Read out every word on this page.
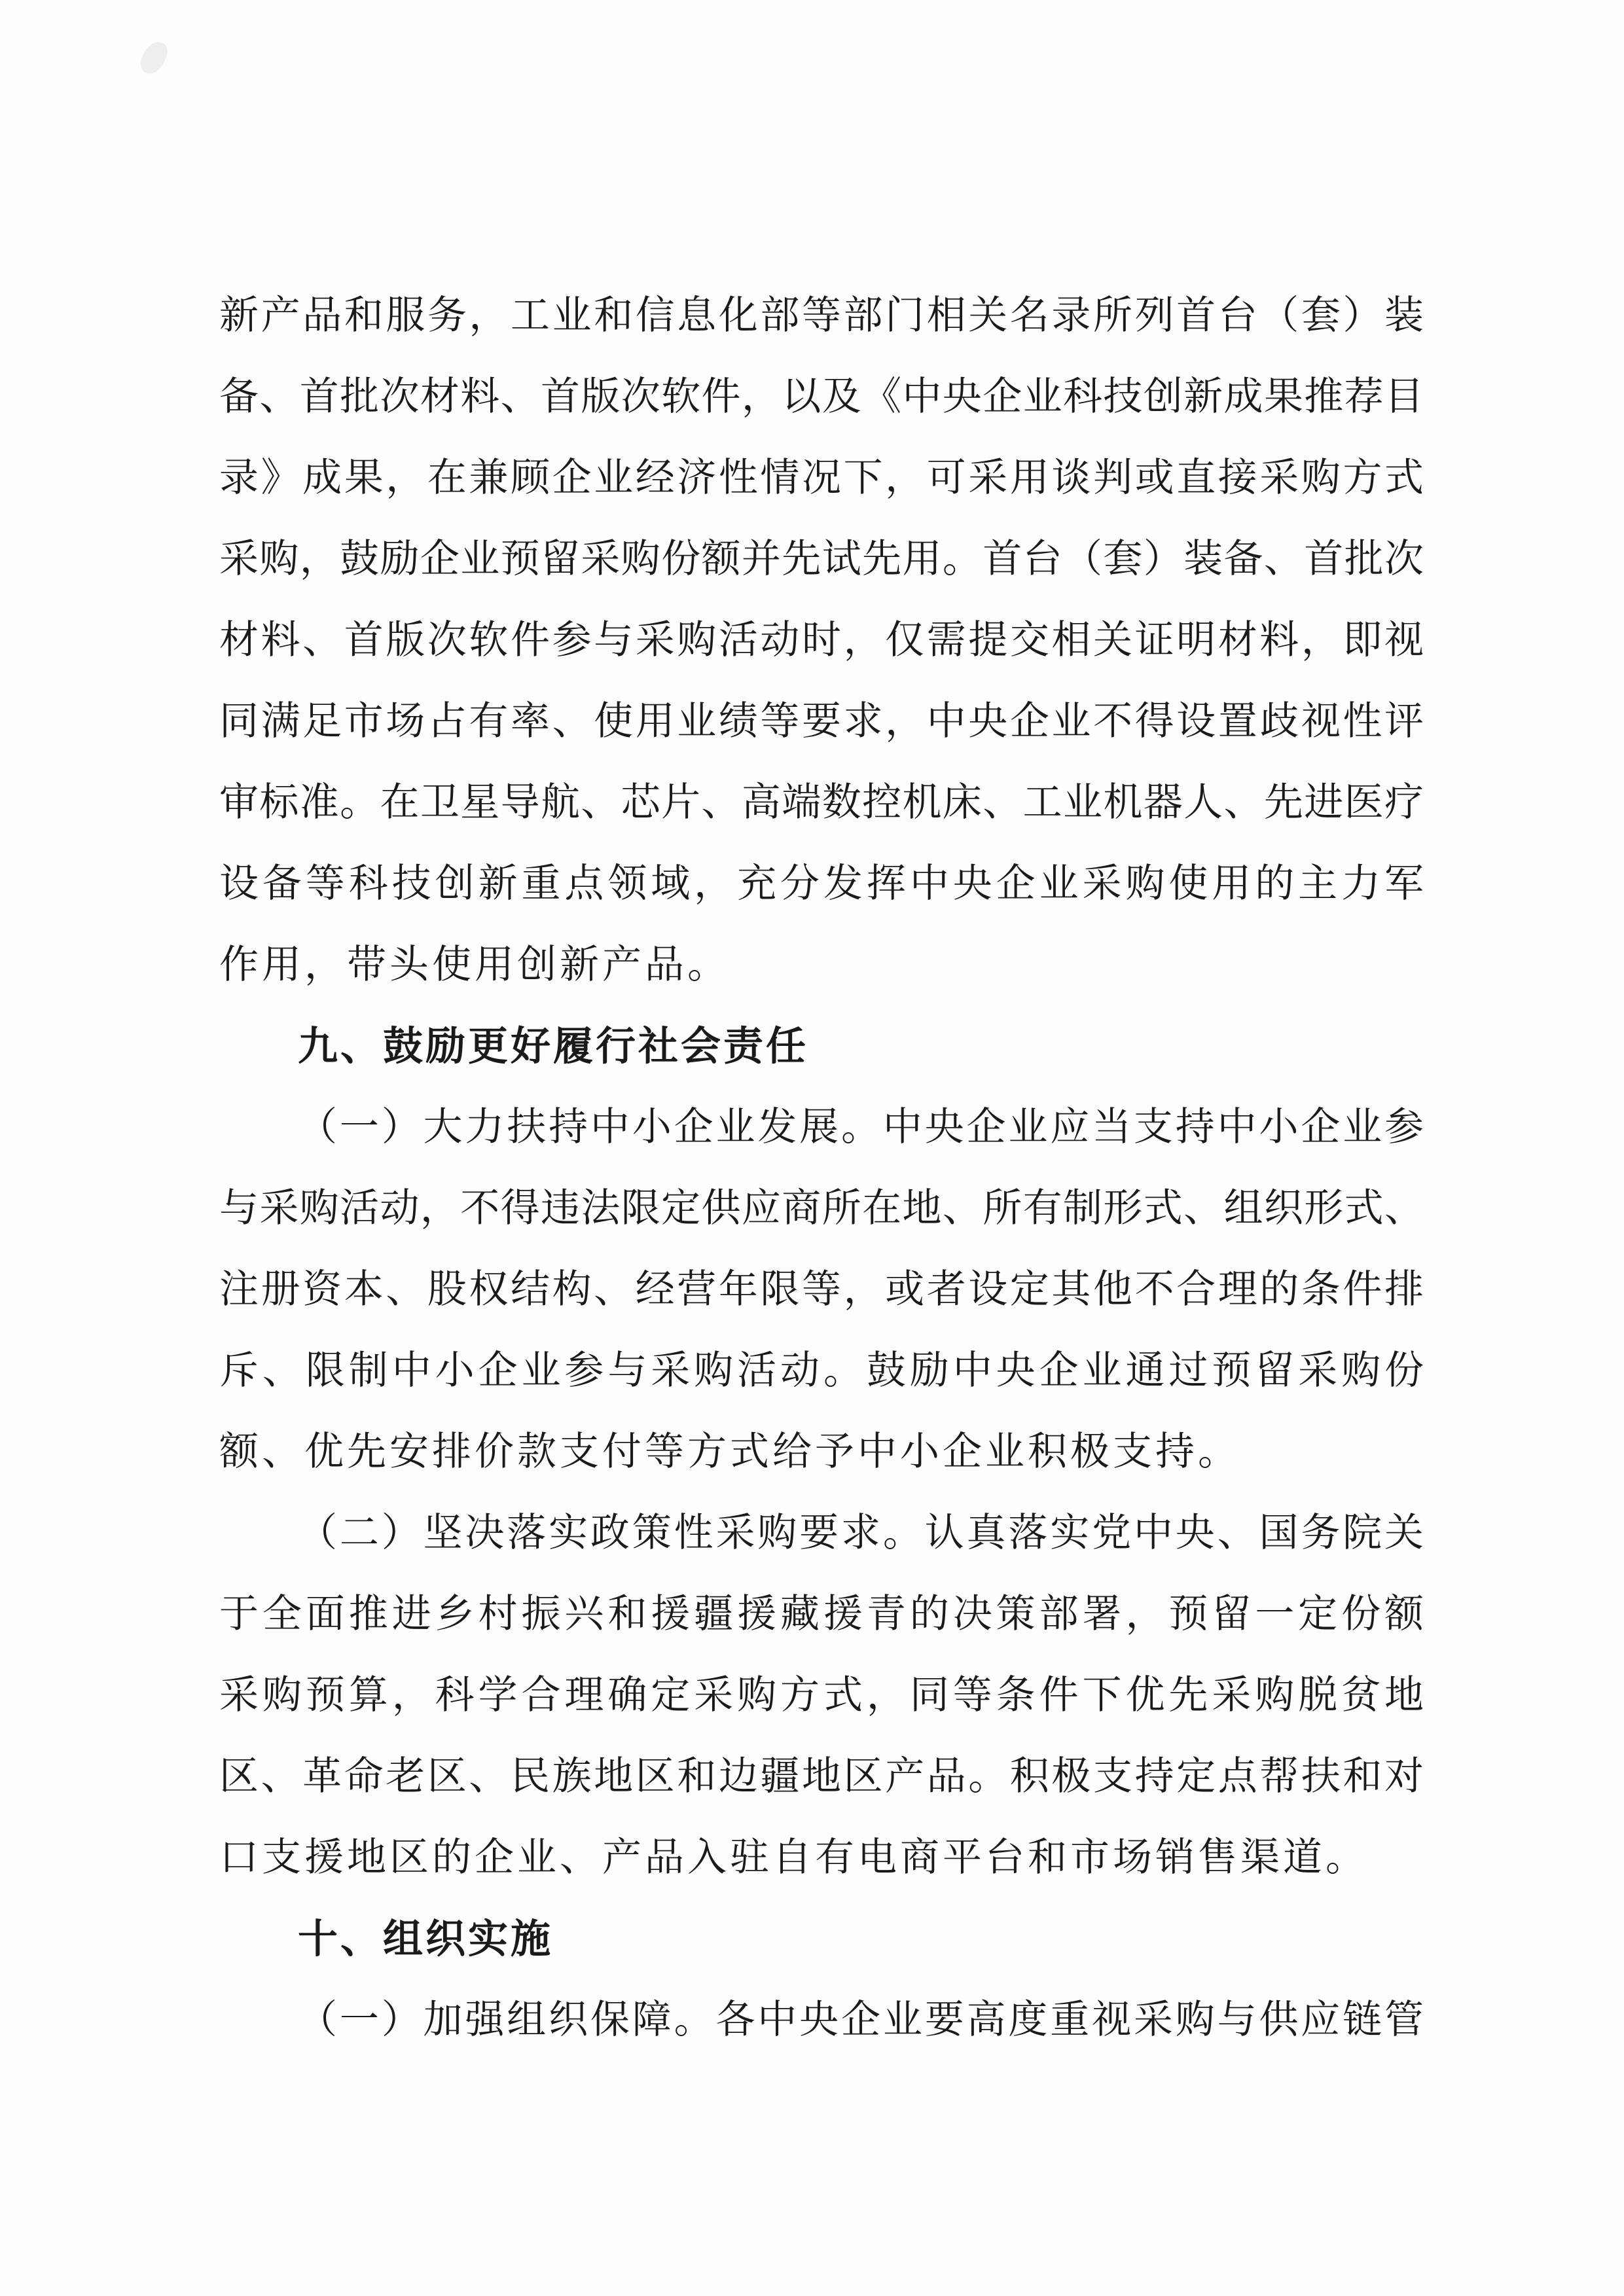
新产品和服务，工业和信息化部等部门相关名录所列首台（套）装

备、首批次材料、首版次软件，以及《中央企业科技创新成果推荐目

录》成果，在兼顾企业经济性情况下，可采用谈判或直接采购方式

采购，鼓励企业预留采购份额并先试先用。首台（套）装备、首批次

材料、首版次软件参与采购活动时，仅需提交相关证明材料，即视

同满足市场占有率、使用业绩等要求，中央企业不得设置歧视性评

审标准。在卫星导航、芯片、高端数控机床、工业机器人、先进医疗

设备等科技创新重点领域，充分发挥中央企业采购使用的主力军

作用，带头使用创新产品。

九、鼓励更好履行社会责任

（一）大力扶持中小企业发展。中央企业应当支持中小企业参

与采购活动，不得违法限定供应商所在地、所有制形式、组织形式、

注册资本、股权结构、经营年限等，或者设定其他不合理的条件排

斥、限制中小企业参与采购活动。鼓励中央企业通过预留采购份

额、优先安排价款支付等方式给予中小企业积极支持。

（二）坚决落实政策性采购要求。认真落实党中央、国务院关

于全面推进乡村振兴和援疆援藏援青的决策部署，预留一定份额

采购预算，科学合理确定采购方式，同等条件下优先采购脱贫地

区、革命老区、民族地区和边疆地区产品。积极支持定点帮扶和对

口支援地区的企业、产品入驻自有电商平台和市场销售渠道。

十、组织实施

（一）加强组织保障。各中央企业要高度重视采购与供应链管
